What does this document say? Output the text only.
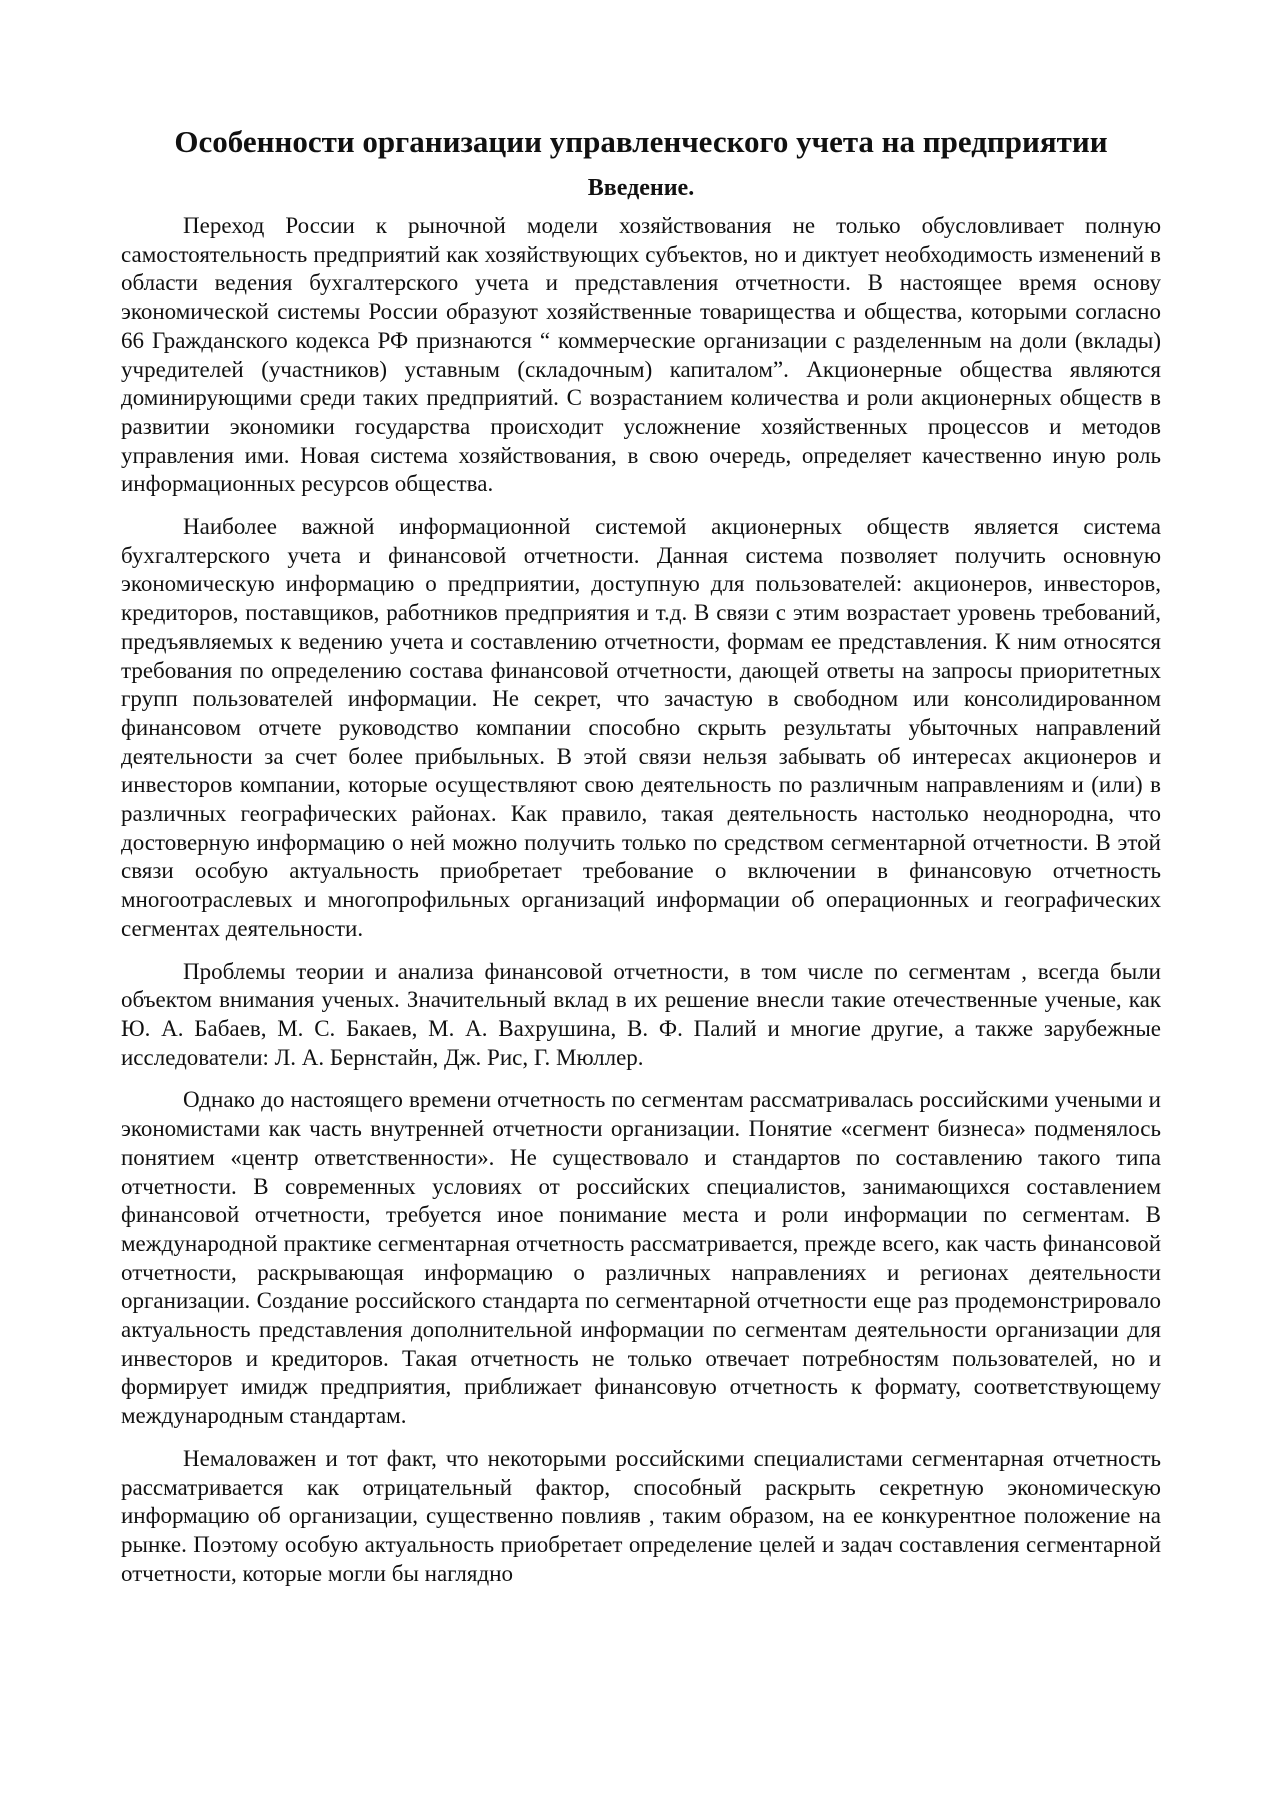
Особенности организации управленческого учета на предприятии
Введение.

Переход России к рыночной модели хозяйствования не только обусловливает полную самостоятельность предприятий как хозяйствующих субъектов, но и диктует необходимость изменений в области ведения бухгалтерского учета и представления отчетности. В настоящее время основу экономической системы России образуют хозяйственные товарищества и общества, которыми согласно 66 Гражданского кодекса РФ признаются “ коммерческие организации с разделенным на доли (вклады) учредителей (участников) уставным (складочным) капиталом”. Акционерные общества являются доминирующими среди таких предприятий. С возрастанием количества и роли акционерных обществ в развитии экономики государства происходит усложнение хозяйственных процессов и методов управления ими. Новая система хозяйствования, в свою очередь, определяет качественно иную роль информационных ресурсов общества.

Наиболее важной информационной системой акционерных обществ является система бухгалтерского учета и финансовой отчетности. Данная система позволяет получить основную экономическую информацию о предприятии, доступную для пользователей: акционеров, инвесторов, кредиторов, поставщиков, работников предприятия и т.д. В связи с этим возрастает уровень требований, предъявляемых к ведению учета и составлению отчетности, формам ее представления. К ним относятся требования по определению состава финансовой отчетности, дающей ответы на запросы приоритетных групп пользователей информации. Не секрет, что зачастую в свободном или консолидированном финансовом отчете руководство компании способно скрыть результаты убыточных направлений деятельности за счет более прибыльных. В этой связи нельзя забывать об интересах акционеров и инвесторов компании, которые осуществляют свою деятельность по различным направлениям и (или) в различных географических районах. Как правило, такая деятельность настолько неоднородна, что достоверную информацию о ней можно получить только по средством сегментарной отчетности. В этой связи особую актуальность приобретает требование о включении в финансовую отчетность многоотраслевых и многопрофильных организаций информации об операционных и географических сегментах деятельности.

Проблемы теории и анализа финансовой отчетности, в том числе по сегментам , всегда были объектом внимания ученых. Значительный вклад в их решение внесли такие отечественные ученые, как Ю. А. Бабаев, М. С. Бакаев, М. А. Вахрушина, В. Ф. Палий и многие другие, а также зарубежные исследователи: Л. А. Бернстайн, Дж. Рис, Г. Мюллер.

Однако до настоящего времени отчетность по сегментам рассматривалась российскими учеными и экономистами как часть внутренней отчетности организации. Понятие «сегмент бизнеса» подменялось понятием «центр ответственности». Не существовало и стандартов по составлению такого типа отчетности. В современных условиях от российских специалистов, занимающихся составлением финансовой отчетности, требуется иное понимание места и роли информации по сегментам. В международной практике сегментарная отчетность рассматривается, прежде всего, как часть финансовой отчетности, раскрывающая информацию о различных направлениях и регионах деятельности организации. Создание российского стандарта по сегментарной отчетности еще раз продемонстрировало актуальность представления дополнительной информации по сегментам деятельности организации для инвесторов и кредиторов. Такая отчетность не только отвечает потребностям пользователей, но и формирует имидж предприятия, приближает финансовую отчетность к формату, соответствующему международным стандартам.

Немаловажен и тот факт, что некоторыми российскими специалистами сегментарная отчетность рассматривается как отрицательный фактор, способный раскрыть секретную экономическую информацию об организации, существенно повлияв , таким образом, на ее конкурентное положение на рынке. Поэтому особую актуальность приобретает определение целей и задач составления сегментарной отчетности, которые могли бы наглядно
